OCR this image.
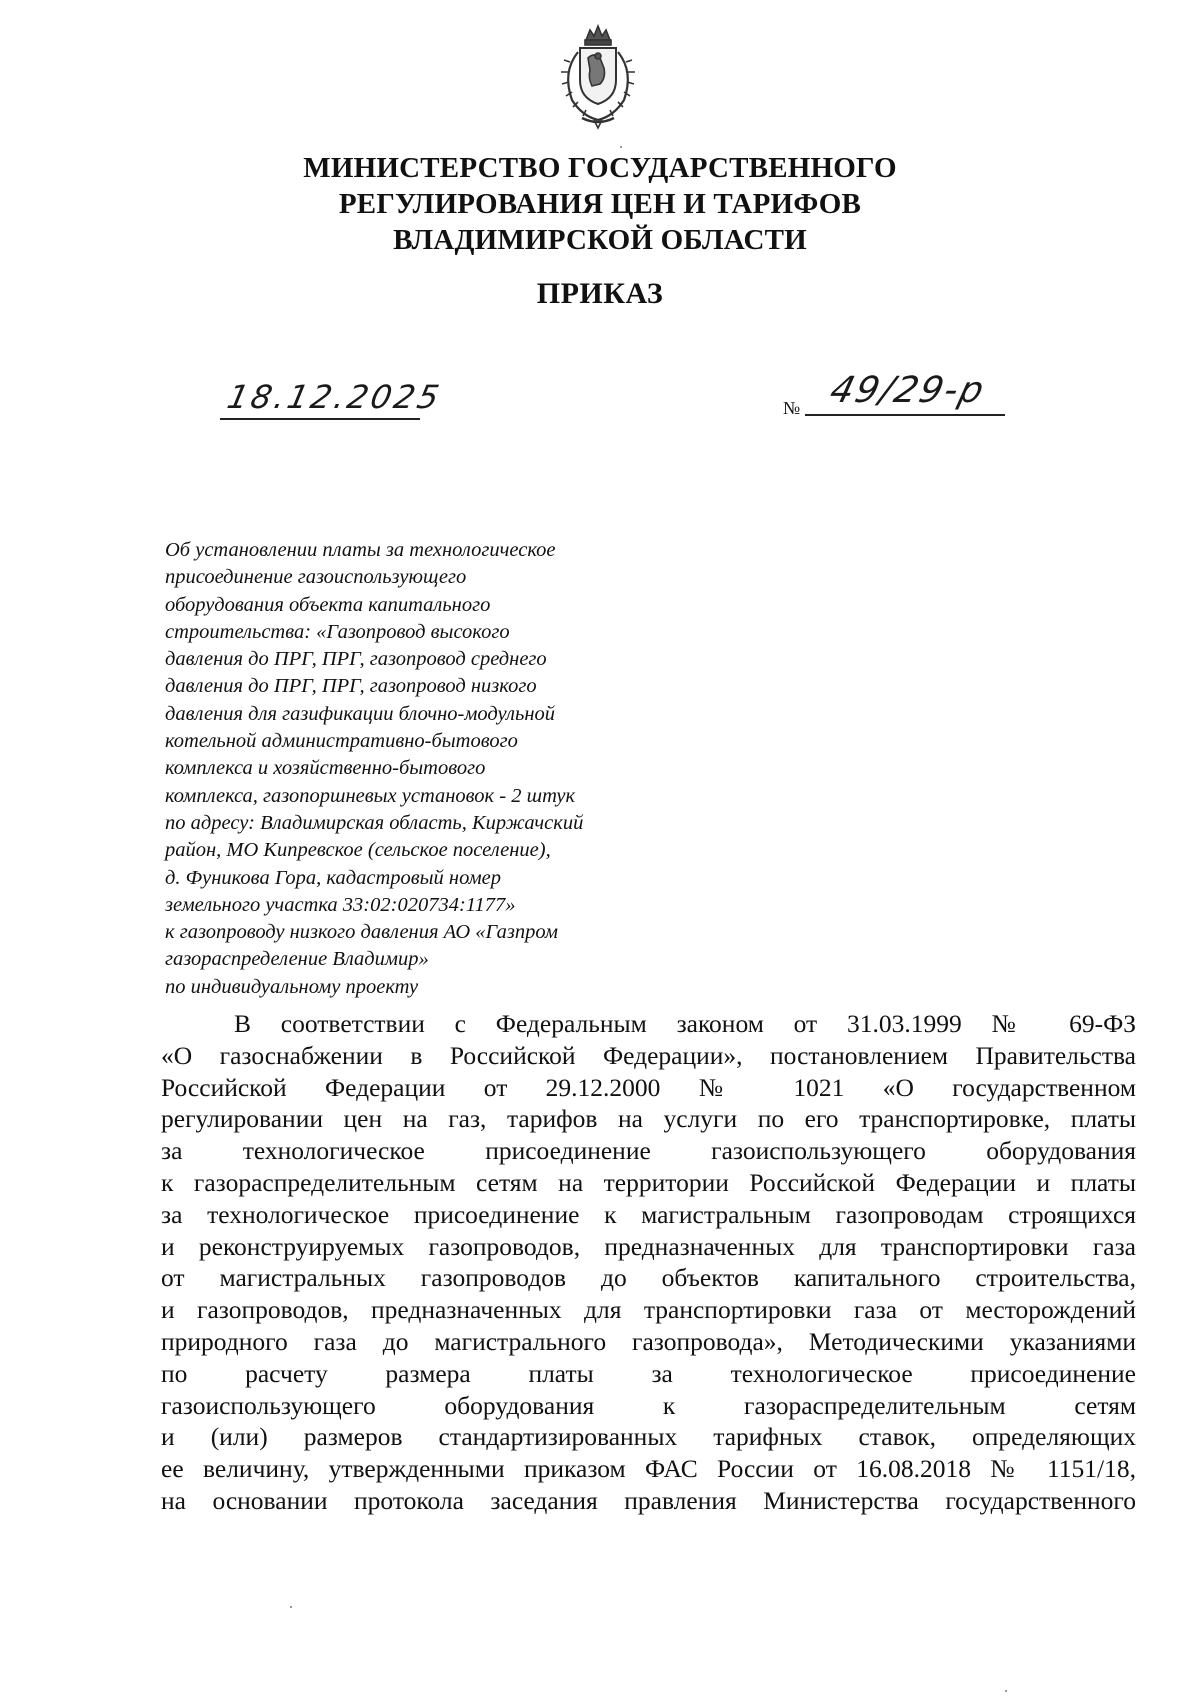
МИНИСТЕРСТВО ГОСУДАРСТВЕННОГО
РЕГУЛИРОВАНИЯ ЦЕН И ТАРИФОВ
ВЛАДИМИРСКОЙ ОБЛАСТИ
ПРИКАЗ
18.12.2025	№ 49/29-р
Об установлении платы за технологическое
присоединение газоиспользующего
оборудования объекта капитального
строительства: «Газопровод высокого
давления до ПРГ, ПРГ, газопровод среднего
давления до ПРГ, ПРГ, газопровод низкого
давления для газификации блочно-модульной
котельной административно-бытового
комплекса и хозяйственно-бытового
комплекса, газопоршневых установок - 2 штук
по адресу: Владимирская область, Киржачский
район, МО Кипревское (сельское поселение),
д. Фуникова Гора, кадастровый номер
земельного участка 33:02:020734:1177»
к газопроводу низкого давления АО «Газпром
газораспределение Владимир»
по индивидуальному проекту
В соответствии с Федеральным законом от 31.03.1999 № 69-ФЗ
«О газоснабжении в Российской Федерации», постановлением Правительства
Российской Федерации от 29.12.2000 № 1021 «О государственном
регулировании цен на газ, тарифов на услуги по его транспортировке, платы
за технологическое присоединение газоиспользующего оборудования
к газораспределительным сетям на территории Российской Федерации и платы
за технологическое присоединение к магистральным газопроводам строящихся
и реконструируемых газопроводов, предназначенных для транспортировки газа
от магистральных газопроводов до объектов капитального строительства,
и газопроводов, предназначенных для транспортировки газа от месторождений
природного газа до магистрального газопровода», Методическими указаниями
по расчету размера платы за технологическое присоединение
газоиспользующего оборудования к газораспределительным сетям
и (или) размеров стандартизированных тарифных ставок, определяющих
ее величину, утвержденными приказом ФАС России от 16.08.2018 № 1151/18,
на основании протокола заседания правления Министерства государственного
